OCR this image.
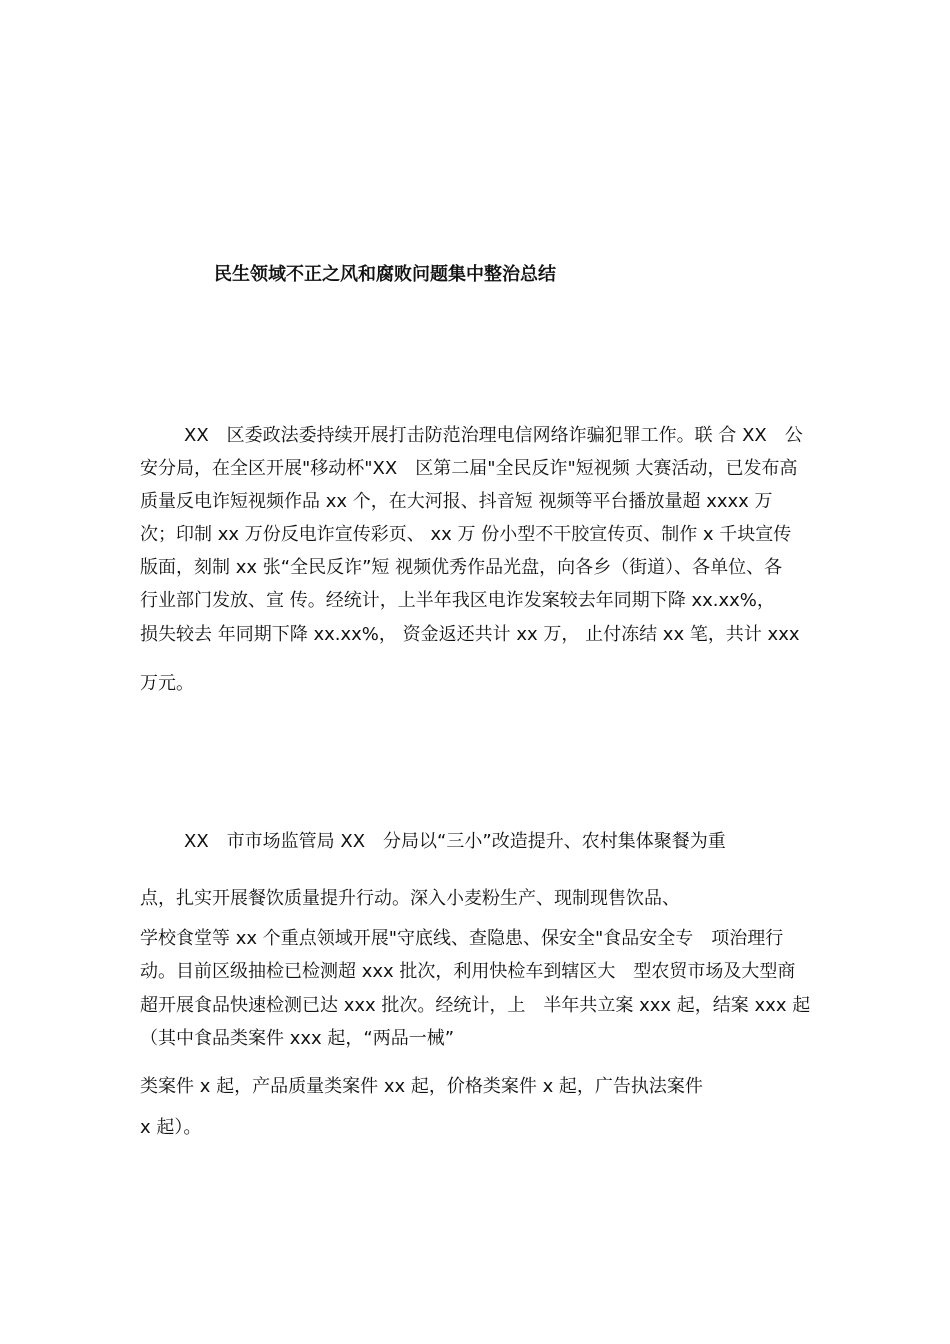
民生领域不正之风和腐败问题集中整治总结
XX　区委政法委持续开展打击防范治理电信网络诈骗犯罪工作。联 合 XX　公
安分局，在全区开展"移动杯"XX　区第二届"全民反诈"短视频 大赛活动，已发布高
质量反电诈短视频作品 xx 个，在大河报、抖音短 视频等平台播放量超 xxxx 万
次；印制 xx 万份反电诈宣传彩页、 xx 万 份小型不干胶宣传页、制作 x 千块宣传
版面，刻制 xx 张“全民反诈”短 视频优秀作品光盘，向各乡（街道）、各单位、各
行业部门发放、宣 传。经统计，上半年我区电诈发案较去年同期下降 xx.xx%，
损失较去 年同期下降 xx.xx%， 资金返还共计 xx 万， 止付冻结 xx 笔，共计 xxx
万元。
XX　市市场监管局 XX　分局以“三小”改造提升、农村集体聚餐为重
点，扎实开展餐饮质量提升行动。深入小麦粉生产、现制现售饮品、
学校食堂等 xx 个重点领域开展"守底线、查隐患、保安全"食品安全专　项治理行
动。目前区级抽检已检测超 xxx 批次，利用快检车到辖区大　型农贸市场及大型商
超开展食品快速检测已达 xxx 批次。经统计，上　半年共立案 xxx 起，结案 xxx 起
（其中食品类案件 xxx 起，“两品一械”
类案件 x 起，产品质量类案件 xx 起，价格类案件 x 起，广告执法案件
x 起）。
